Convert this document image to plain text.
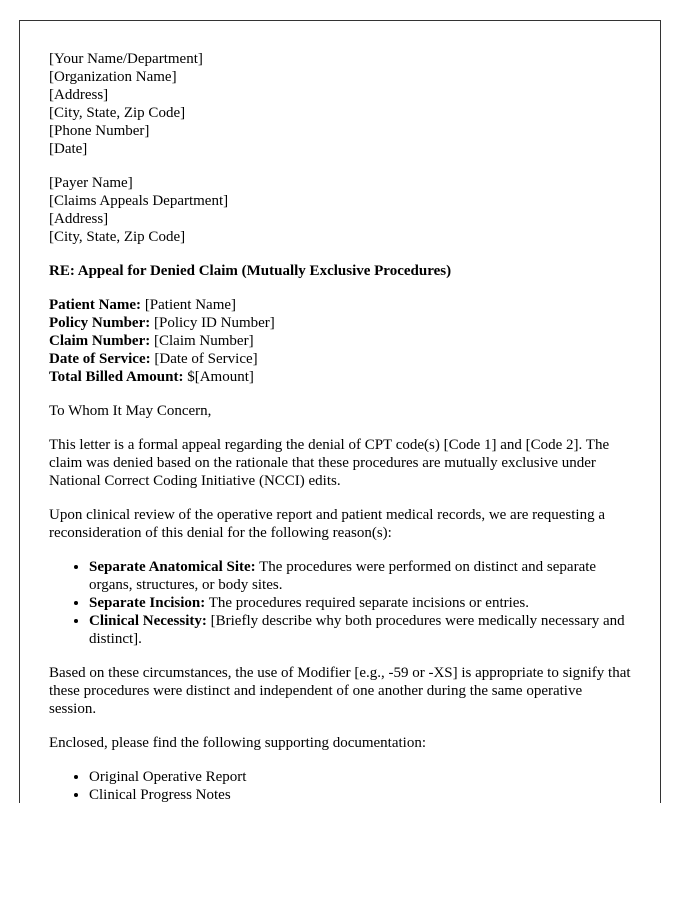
[Your Name/Department]
[Organization Name]
[Address]
[City, State, Zip Code]
[Phone Number]
[Date]

[Payer Name]
[Claims Appeals Department]
[Address]
[City, State, Zip Code]

RE: Appeal for Denied Claim (Mutually Exclusive Procedures)

Patient Name: [Patient Name]
Policy Number: [Policy ID Number]
Claim Number: [Claim Number]
Date of Service: [Date of Service]
Total Billed Amount: $[Amount]

To Whom It May Concern,

This letter is a formal appeal regarding the denial of CPT code(s) [Code 1] and [Code 2]. The claim was denied based on the rationale that these procedures are mutually exclusive under National Correct Coding Initiative (NCCI) edits.

Upon clinical review of the operative report and patient medical records, we are requesting a reconsideration of this denial for the following reason(s):

• Separate Anatomical Site: The procedures were performed on distinct and separate organs, structures, or body sites.
• Separate Incision: The procedures required separate incisions or entries.
• Clinical Necessity: [Briefly describe why both procedures were medically necessary and distinct].

Based on these circumstances, the use of Modifier [e.g., -59 or -XS] is appropriate to signify that these procedures were distinct and independent of one another during the same operative session.

Enclosed, please find the following supporting documentation:

• Original Operative Report
• Clinical Progress Notes
